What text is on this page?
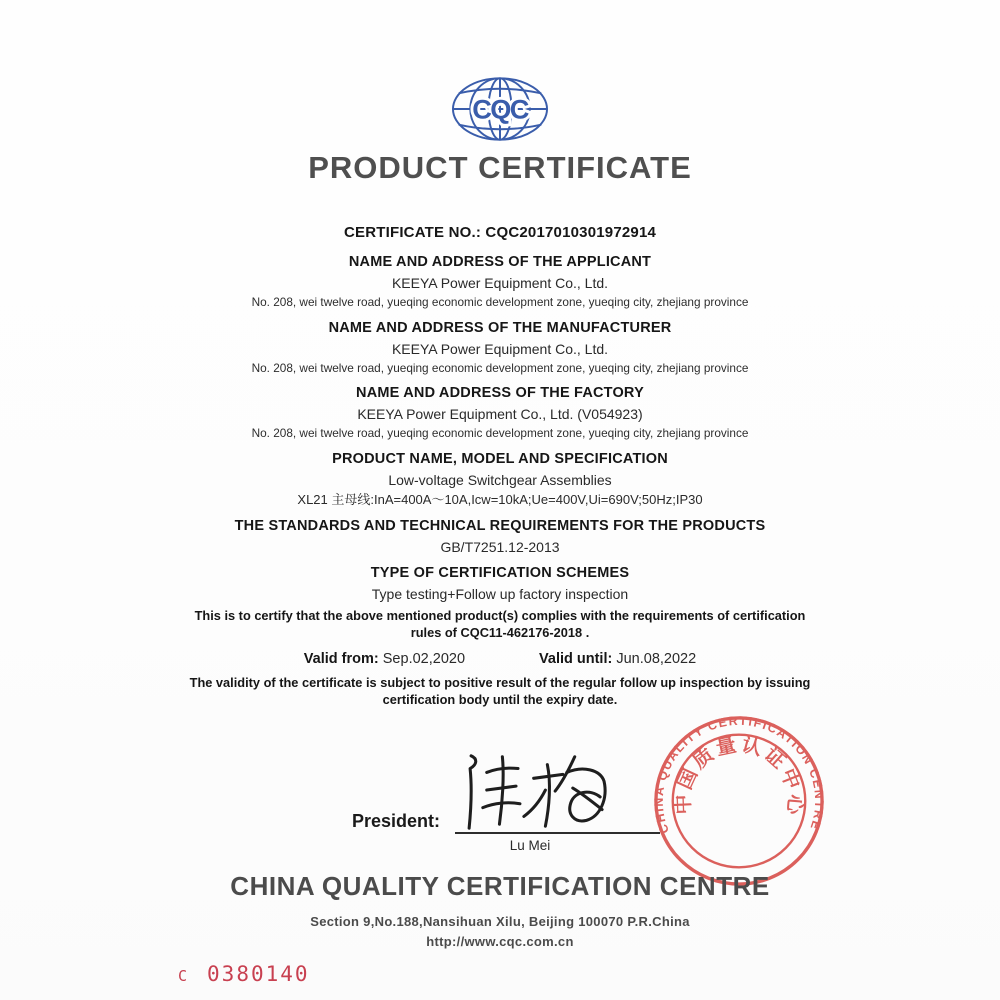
CQC
PRODUCT CERTIFICATE
CERTIFICATE NO.: CQC2017010301972914
NAME AND ADDRESS OF THE APPLICANT
KEEYA Power Equipment Co., Ltd.
No. 208, wei twelve road, yueqing economic development zone, yueqing city, zhejiang province
NAME AND ADDRESS OF THE MANUFACTURER
KEEYA Power Equipment Co., Ltd.
No. 208, wei twelve road, yueqing economic development zone, yueqing city, zhejiang province
NAME AND ADDRESS OF THE FACTORY
KEEYA Power Equipment Co., Ltd. (V054923)
No. 208, wei twelve road, yueqing economic development zone, yueqing city, zhejiang province
PRODUCT NAME, MODEL AND SPECIFICATION
Low-voltage Switchgear Assemblies
XL21 主母线:InA=400A～10A,Icw=10kA;Ue=400V,Ui=690V;50Hz;IP30
THE STANDARDS AND TECHNICAL REQUIREMENTS FOR THE PRODUCTS
GB/T7251.12-2013
TYPE OF CERTIFICATION SCHEMES
Type testing+Follow up factory inspection
This is to certify that the above mentioned product(s) complies with the requirements of certification
rules of CQC11-462176-2018 .
Valid from: Sep.02,2020	Valid until: Jun.08,2022
The validity of the certificate is subject to positive result of the regular follow up inspection by issuing
certification body until the expiry date.
President:
Lu Mei
CHINA QUALITY CERTIFICATION CENTRE
中国质量认证中心
CHINA QUALITY CERTIFICATION CENTRE
Section 9,No.188,Nansihuan Xilu, Beijing 100070 P.R.China
http://www.cqc.com.cn
C 0380140
